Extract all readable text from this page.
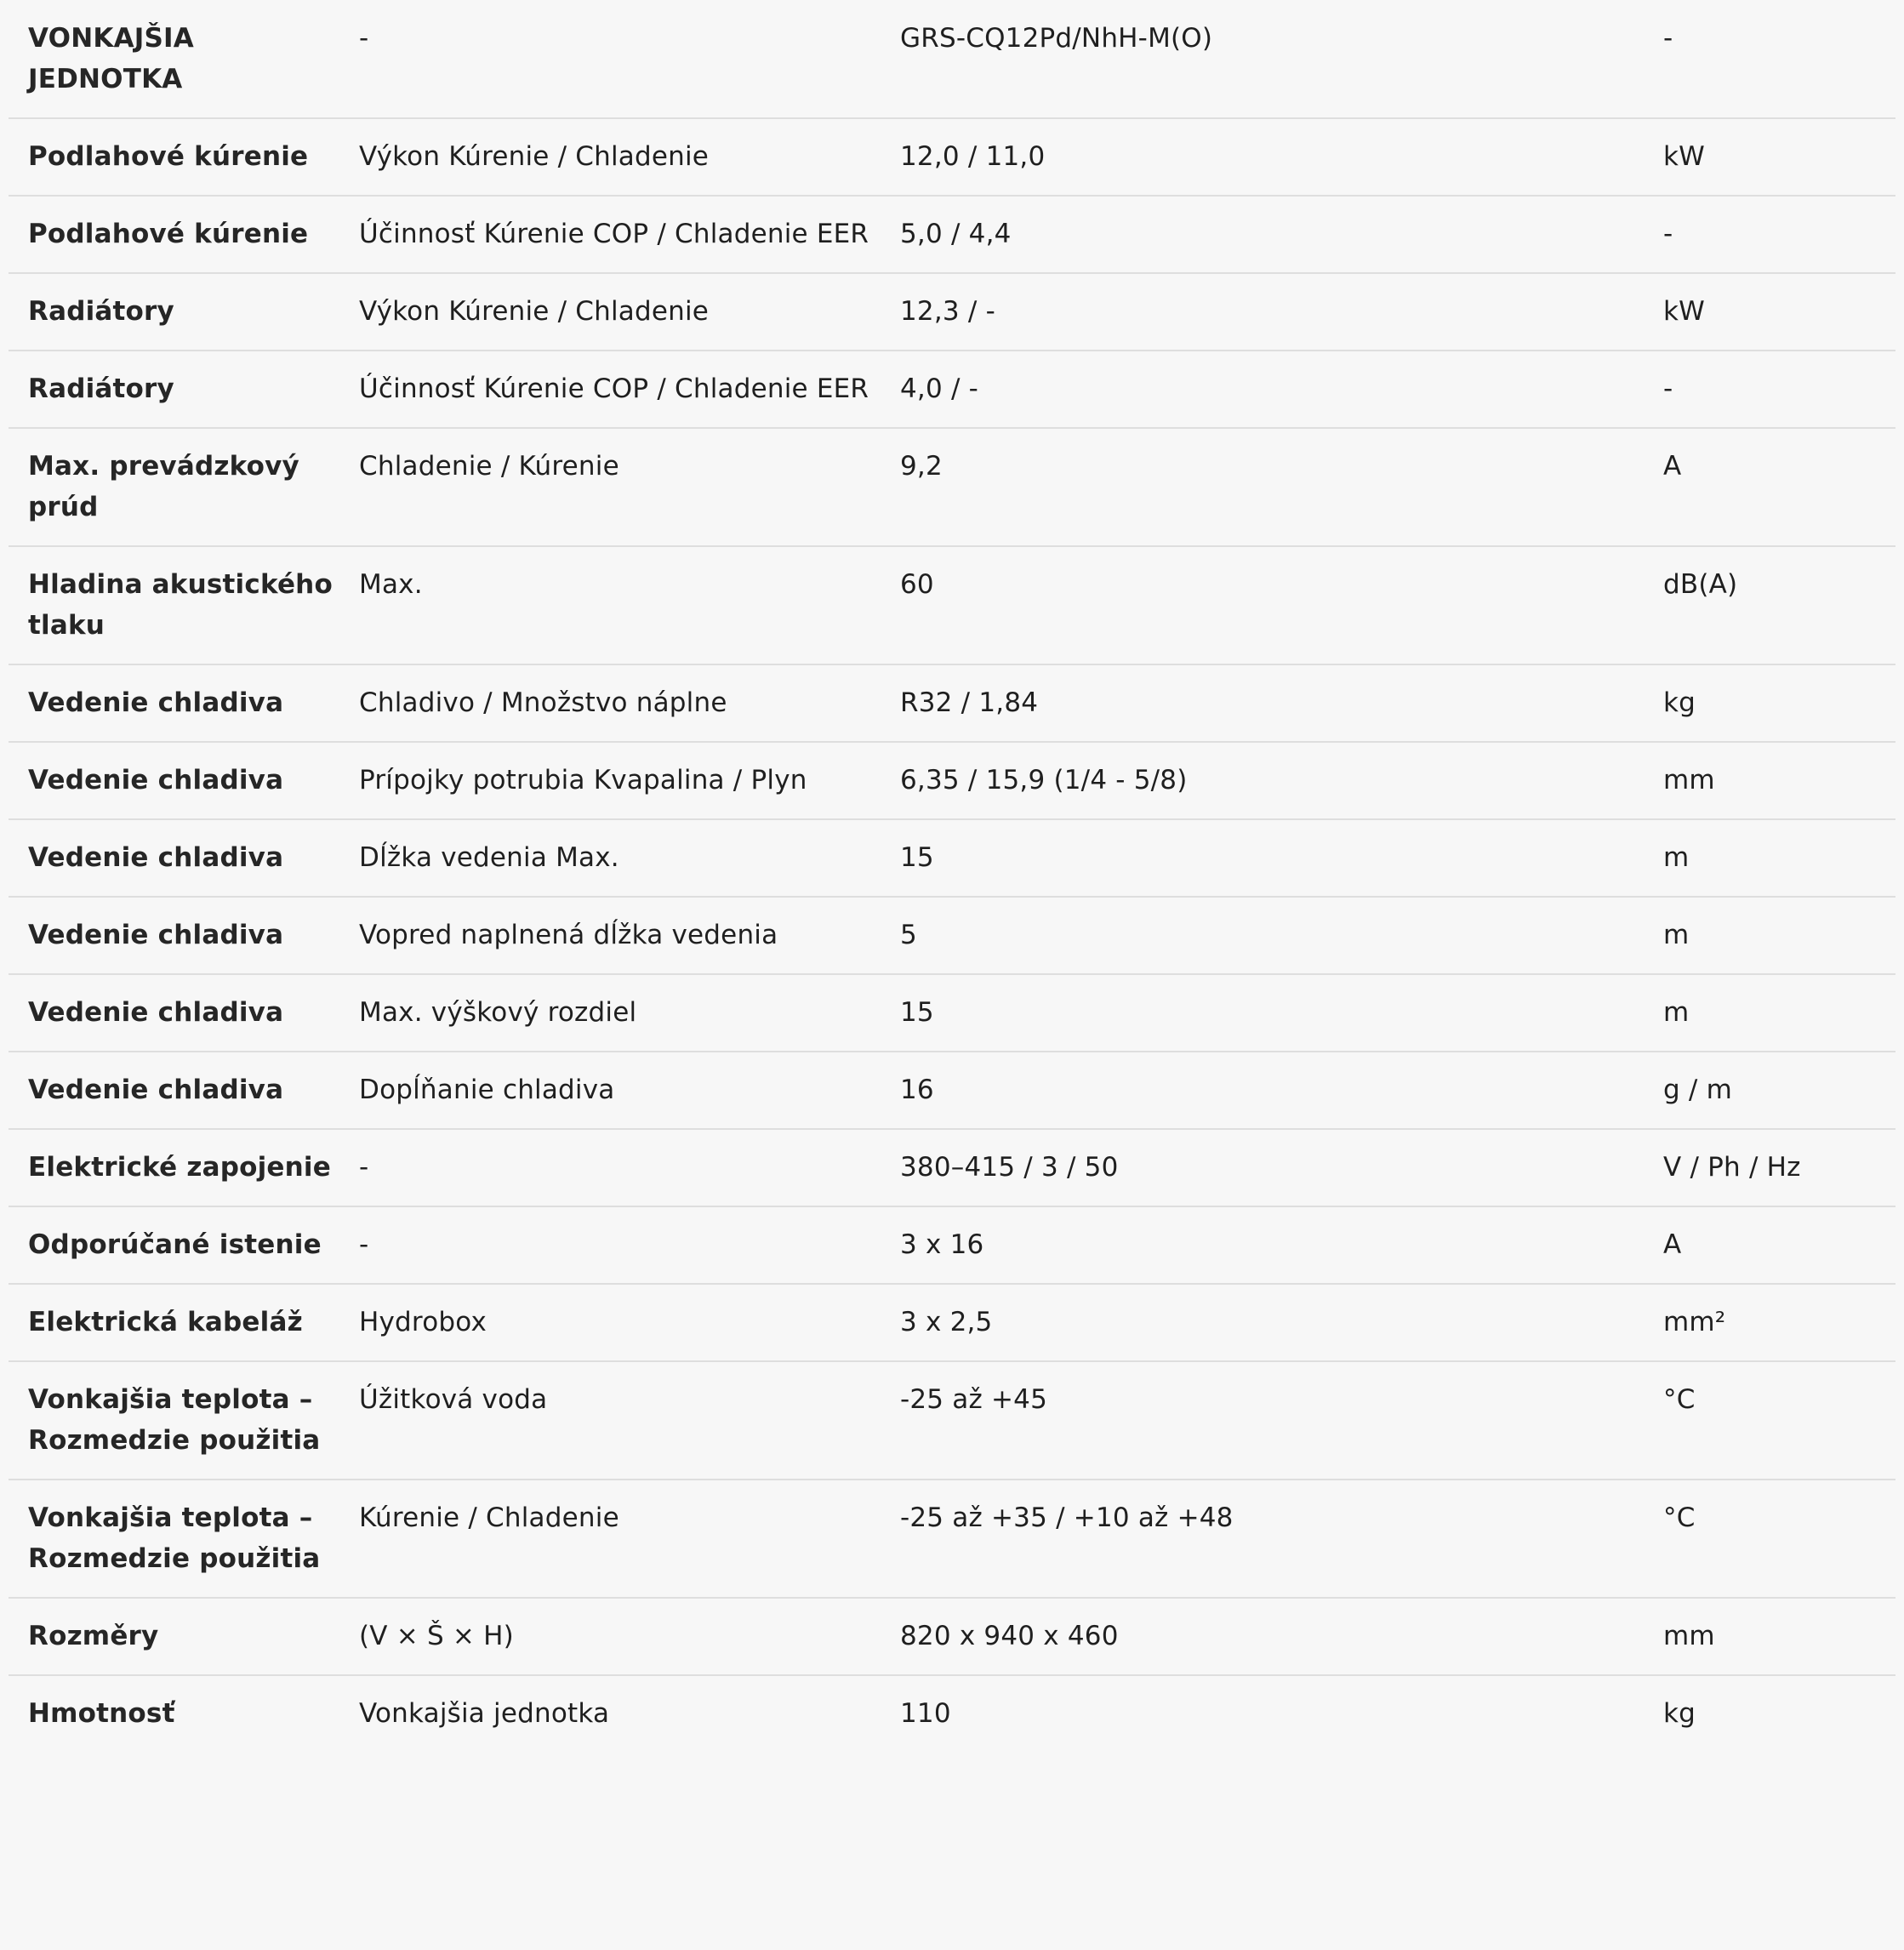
VONKAJŠIA JEDNOTKA	-	GRS-CQ12Pd/NhH-M(O)	-
Podlahové kúrenie	Výkon Kúrenie / Chladenie	12,0 / 11,0	kW
Podlahové kúrenie	Účinnosť Kúrenie COP / Chladenie EER	5,0 / 4,4	-
Radiátory	Výkon Kúrenie / Chladenie	12,3 / -	kW
Radiátory	Účinnosť Kúrenie COP / Chladenie EER	4,0 / -	-
Max. prevádzkový prúd	Chladenie / Kúrenie	9,2	A
Hladina akustického tlaku	Max.	60	dB(A)
Vedenie chladiva	Chladivo / Množstvo náplne	R32 / 1,84	kg
Vedenie chladiva	Prípojky potrubia Kvapalina / Plyn	6,35 / 15,9 (1/4 - 5/8)	mm
Vedenie chladiva	Dĺžka vedenia Max.	15	m
Vedenie chladiva	Vopred naplnená dĺžka vedenia	5	m
Vedenie chladiva	Max. výškový rozdiel	15	m
Vedenie chladiva	Dopĺňanie chladiva	16	g / m
Elektrické zapojenie	-	380–415 / 3 / 50	V / Ph / Hz
Odporúčané istenie	-	3 x 16	A
Elektrická kabeláž	Hydrobox	3 x 2,5	mm²
Vonkajšia teplota – Rozmedzie použitia	Úžitková voda	-25 až +45	°C
Vonkajšia teplota – Rozmedzie použitia	Kúrenie / Chladenie	-25 až +35 / +10 až +48	°C
Rozměry	(V × Š × H)	820 x 940 x 460	mm
Hmotnosť	Vonkajšia jednotka	110	kg
